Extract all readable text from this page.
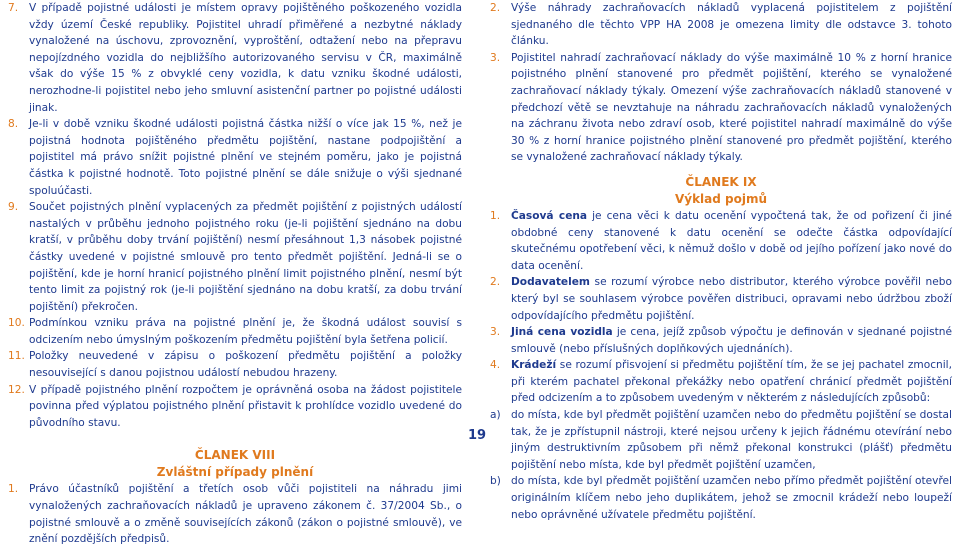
7. V případě pojistné události je místem opravy pojištěného poškozeného vozidla vždy území České republiky. Pojistitel uhradí přiměřené a nezbytné náklady vynaložené na úschovu, zprovoznění, vyproštění, odtažení nebo na přepravu nepojízdného vozidla do nejbližšího autorizovaného servisu v ČR, maximálně však do výše 15 % z obvyklé ceny vozidla, k datu vzniku škodné události, nerozhodne-li pojistitel nebo jeho smluvní asistenční partner po pojistné události jinak.
8. Je-li v době vzniku škodné události pojistná částka nižší o více jak 15 %, než je pojistná hodnota pojištěného předmětu pojištění, nastane podpojištění a pojistitel má právo snížit pojistné plnění ve stejném poměru, jako je pojistná částka k pojistné hodnotě. Toto pojistné plnění se dále snižuje o výši sjednané spoluúčasti.
9. Součet pojistných plnění vyplacených za předmět pojištění z pojistných událostí nastalých v průběhu jednoho pojistného roku (je-li pojištění sjednáno na dobu kratší, v průběhu doby trvání pojištění) nesmí přesáhnout 1,3 násobek pojistné částky uvedené v pojistné smlouvě pro tento předmět pojištění. Jedná-li se o pojištění, kde je horní hranicí pojistného plnění limit pojistného plnění, nesmí být tento limit za pojistný rok (je-li pojištění sjednáno na dobu kratší, za dobu trvání pojištění) překročen.
10. Podmínkou vzniku práva na pojistné plnění je, že škodná událost souvisí s odcizením nebo úmyslným poškozením předmětu pojištění byla šetřena policií.
11. Položky neuvedené v zápisu o poškození předmětu pojištění a položky nesouvisející s danou pojistnou událostí nebudou hrazeny.
12. V případě pojistného plnění rozpočtem je oprávněná osoba na žádost pojistitele povinna před výplatou pojistného plnění přistavit k prohlídce vozidlo uvedené do původního stavu.
ČLANEK VIII
Zvláštní případy plnění
1. Právo účastníků pojištění a třetích osob vůči pojistiteli na náhradu jimi vynaložených zachraňovacích nákladů je upraveno zákonem č. 37/2004 Sb., o pojistné smlouvě a o změně souvisejících zákonů (zákon o pojistné smlouvě), ve znění pozdějších předpisů.
19
2. Výše náhrady zachraňovacích nákladů vyplacená pojistitelem z pojištění sjednaného dle těchto VPP HA 2008 je omezena limity dle odstavce 3. tohoto článku.
3. Pojistitel nahradí zachraňovací náklady do výše maximálně 10 % z horní hranice pojistného plnění stanovené pro předmět pojištění, kterého se vynaložené zachraňovací náklady týkaly. Omezení výše zachraňovacích nákladů stanovené v předchozí větě se nevztahuje na náhradu zachraňovacích nákladů vynaložených na záchranu života nebo zdraví osob, které pojistitel nahradí maximálně do výše 30 % z horní hranice pojistného plnění stanovené pro předmět pojištění, kterého se vynaložené zachraňovací náklady týkaly.
ČLANEK IX
Výklad pojmů
1. Časová cena je cena věci k datu ocenění vypočtená tak, že od pořizení či jiné obdobné ceny stanovené k datu ocenění se odečte částka odpovídající skutečnému opotřebení věci, k němuž došlo v době od jejího pořízení jako nové do data ocenění.
2. Dodavatelem se rozumí výrobce nebo distributor, kterého výrobce pověřil nebo který byl se souhlasem výrobce pověřen distribuci, opravami nebo údržbou zboží odpovídajícího předmětu pojištění.
3. Jiná cena vozidla je cena, jejíž způsob výpočtu je definován v sjednané pojistné smlouvě (nebo příslušných doplňkových ujednáních).
4. Krádeží se rozumí přisvojení si předmětu pojištění tím, že se jej pachatel zmocnil, při kterém pachatel překonal překážky nebo opatření chránicí předmět pojištění před odcizením a to způsobem uvedeným v některém z následujících způsobů:
a) do místa, kde byl předmět pojištění uzamčen nebo do předmětu pojištění se dostal tak, že je zpřístupnil nástroji, které nejsou určeny k jejich řádnému otevírání nebo jiným destruktivním způsobem při němž překonal konstrukci (plášť) předmětu pojištění nebo místa, kde byl předmět pojištění uzamčen,
b) do místa, kde byl předmět pojištění uzamčen nebo přímo předmět pojištění otevřel originálním klíčem nebo jeho duplikátem, jehož se zmocnil krádeží nebo loupeží nebo oprávněné užívatele předmětu pojištění.
